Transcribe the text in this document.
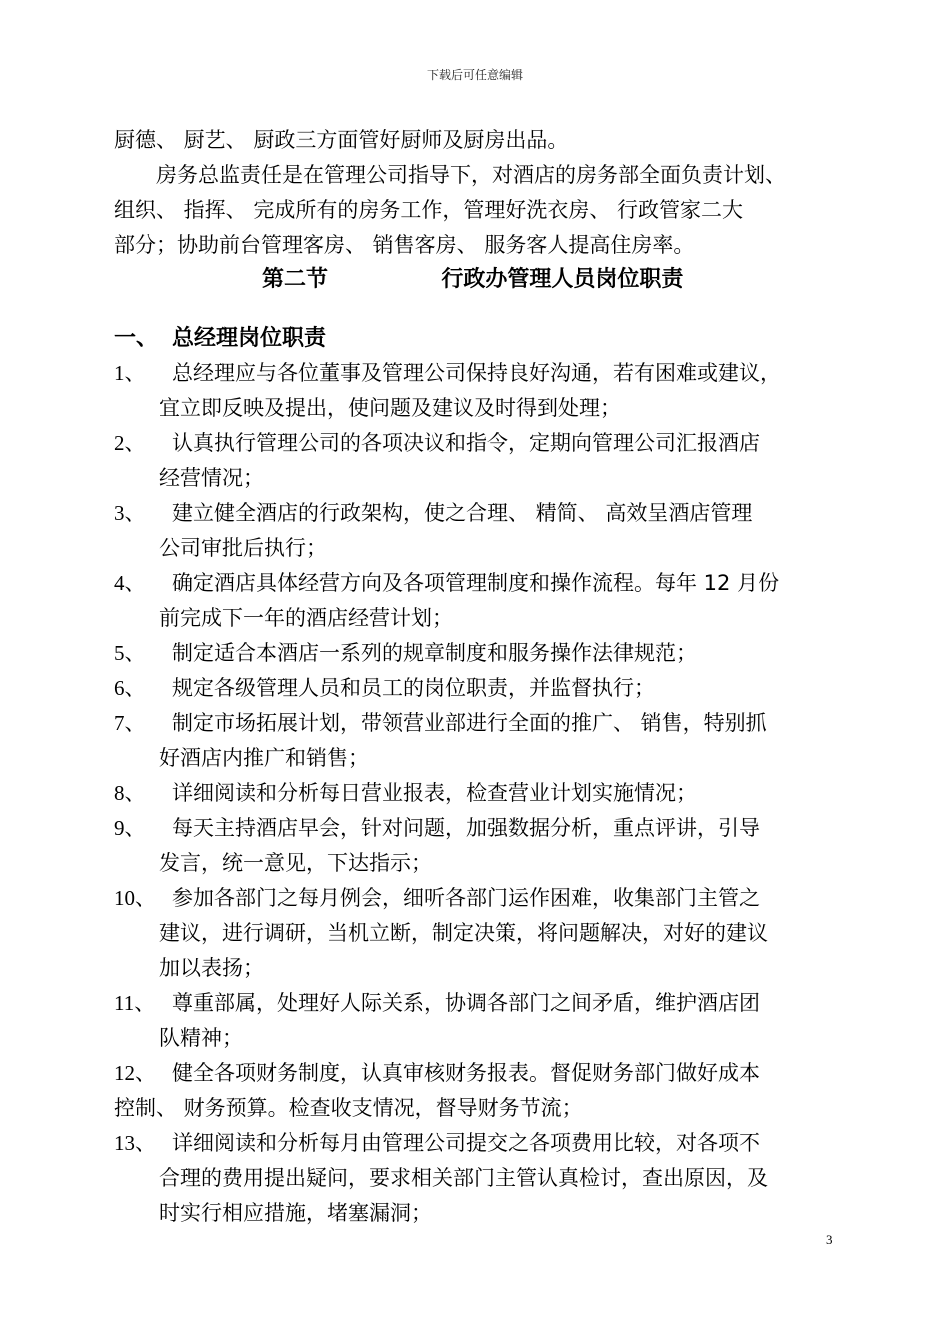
下载后可任意编辑
厨德、 厨艺、 厨政三方面管好厨师及厨房出品。
　　房务总监责任是在管理公司指导下，对酒店的房务部全面负责计划、
组织、 指挥、 完成所有的房务工作，管理好洗衣房、 行政管家二大
部分；协助前台管理客房、 销售客房、 服务客人提高住房率。
第二节	行政办管理人员岗位职责
一、 总经理岗位职责
1、 总经理应与各位董事及管理公司保持良好沟通，若有困难或建议，
宜立即反映及提出，使问题及建议及时得到处理；
2、 认真执行管理公司的各项决议和指令，定期向管理公司汇报酒店
经营情况；
3、 建立健全酒店的行政架构，使之合理、 精简、 高效呈酒店管理
公司审批后执行；
4、 确定酒店具体经营方向及各项管理制度和操作流程。每年 12 月份
前完成下一年的酒店经营计划；
5、 制定适合本酒店一系列的规章制度和服务操作法律规范；
6、 规定各级管理人员和员工的岗位职责，并监督执行；
7、 制定市场拓展计划，带领营业部进行全面的推广、 销售，特别抓
好酒店内推广和销售；
8、 详细阅读和分析每日营业报表，检查营业计划实施情况；
9、 每天主持酒店早会，针对问题，加强数据分析，重点评讲，引导
发言，统一意见，下达指示；
10、 参加各部门之每月例会，细听各部门运作困难，收集部门主管之
建议，进行调研，当机立断，制定决策，将问题解决，对好的建议
加以表扬；
11、 尊重部属，处理好人际关系，协调各部门之间矛盾，维护酒店团
队精神；
12、 健全各项财务制度，认真审核财务报表。督促财务部门做好成本
控制、 财务预算。检查收支情况，督导财务节流；
13、 详细阅读和分析每月由管理公司提交之各项费用比较，对各项不
合理的费用提出疑问，要求相关部门主管认真检讨，查出原因，及
时实行相应措施，堵塞漏洞；
3
